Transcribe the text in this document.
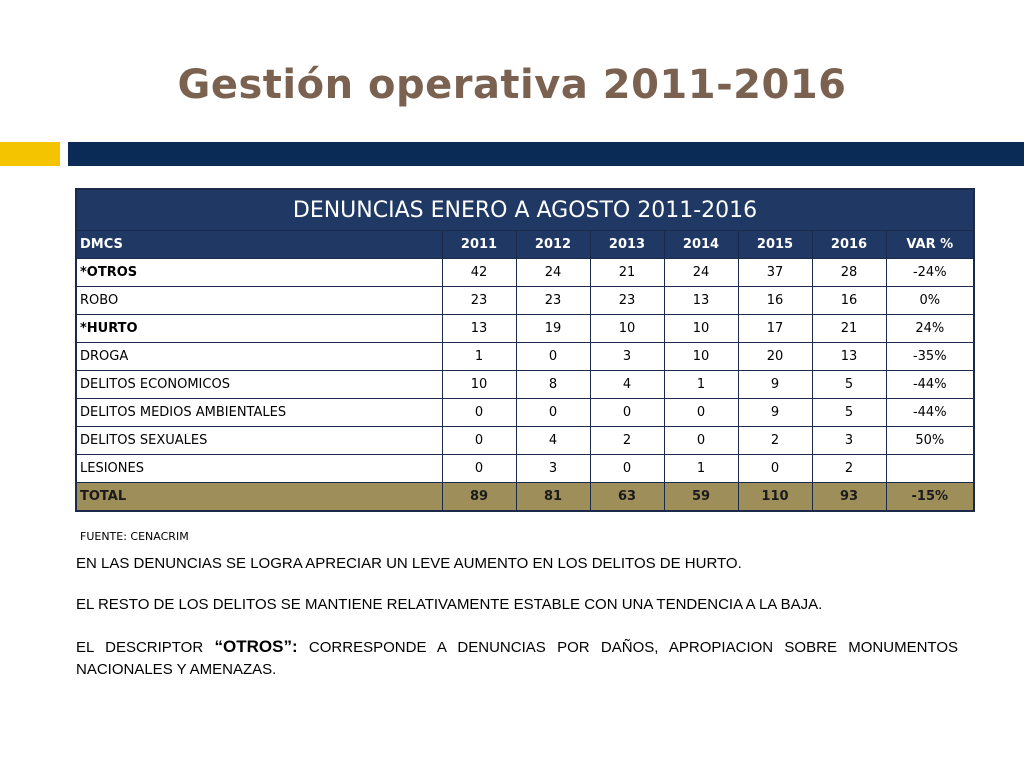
Gestión operativa 2011-2016
DENUNCIAS ENERO A AGOSTO 2011-2016							
DMCS	2011	2012	2013	2014	2015	2016	VAR %
*OTROS	42	24	21	24	37	28	-24%
ROBO	23	23	23	13	16	16	0%
*HURTO	13	19	10	10	17	21	24%
DROGA	1	0	3	10	20	13	-35%
DELITOS ECONOMICOS	10	8	4	1	9	5	-44%
DELITOS MEDIOS AMBIENTALES	0	0	0	0	9	5	-44%
DELITOS SEXUALES	0	4	2	0	2	3	50%
LESIONES	0	3	0	1	0	2	
TOTAL	89	81	63	59	110	93	-15%
FUENTE: CENACRIM
EN LAS DENUNCIAS SE LOGRA APRECIAR UN LEVE AUMENTO EN LOS DELITOS DE HURTO.
EL RESTO DE LOS DELITOS SE MANTIENE RELATIVAMENTE ESTABLE CON UNA TENDENCIA A LA BAJA.
EL DESCRIPTOR “OTROS”: CORRESPONDE A DENUNCIAS POR DAÑOS, APROPIACION SOBRE MONUMENTOS NACIONALES Y AMENAZAS.
